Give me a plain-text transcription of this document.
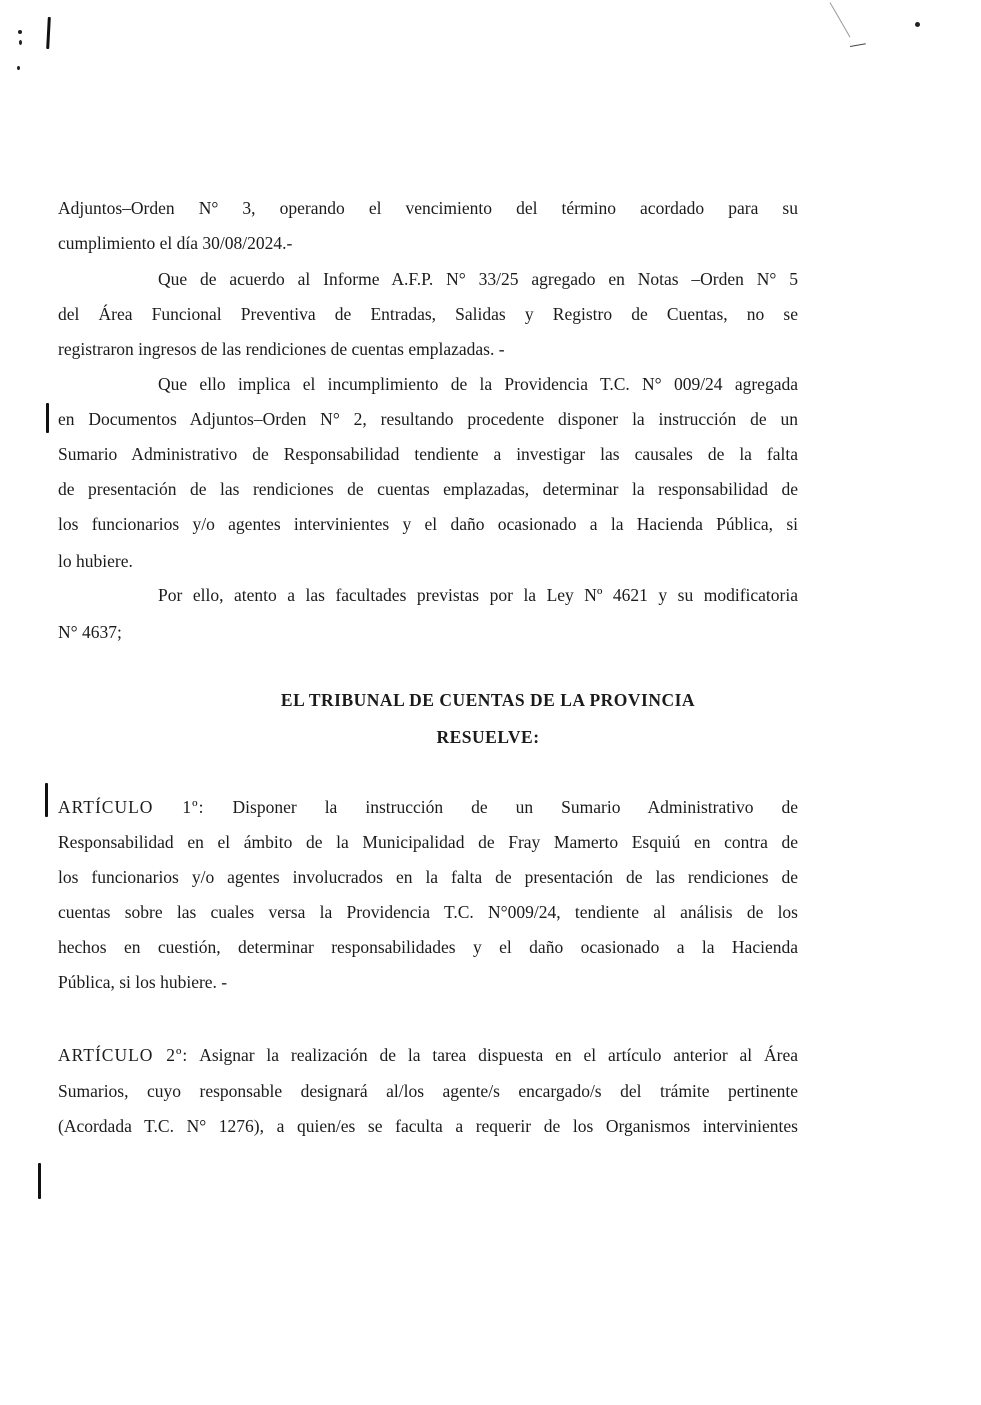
Adjuntos–Orden N° 3, operando el vencimiento del término acordado para su
cumplimiento el día 30/08/2024.-
Que de acuerdo al Informe A.F.P. N° 33/25 agregado en Notas –Orden N° 5
del Área Funcional Preventiva de Entradas, Salidas y Registro de Cuentas, no se
registraron ingresos de las rendiciones de cuentas emplazadas. -
Que ello implica el incumplimiento de la Providencia T.C. N° 009/24 agregada
en Documentos Adjuntos–Orden N° 2, resultando procedente disponer la instrucción de un
Sumario Administrativo de Responsabilidad tendiente a investigar las causales de la falta
de presentación de las rendiciones de cuentas emplazadas, determinar la responsabilidad de
los funcionarios y/o agentes intervinientes y el daño ocasionado a la Hacienda Pública, si
lo hubiere.
Por ello, atento a las facultades previstas por la Ley Nº 4621 y su modificatoria
N° 4637;
EL TRIBUNAL DE CUENTAS DE LA PROVINCIA
RESUELVE:
ARTÍCULO 1º: Disponer la instrucción de un Sumario Administrativo de
Responsabilidad en el ámbito de la Municipalidad de Fray Mamerto Esquiú en contra de
los funcionarios y/o agentes involucrados en la falta de presentación de las rendiciones de
cuentas sobre las cuales versa la Providencia T.C. N°009/24, tendiente al análisis de los
hechos en cuestión, determinar responsabilidades y el daño ocasionado a la Hacienda
Pública, si los hubiere. -
ARTÍCULO 2º: Asignar la realización de la tarea dispuesta en el artículo anterior al Área
Sumarios, cuyo responsable designará al/los agente/s encargado/s del trámite pertinente
(Acordada T.C. N° 1276), a quien/es se faculta a requerir de los Organismos intervinientes
